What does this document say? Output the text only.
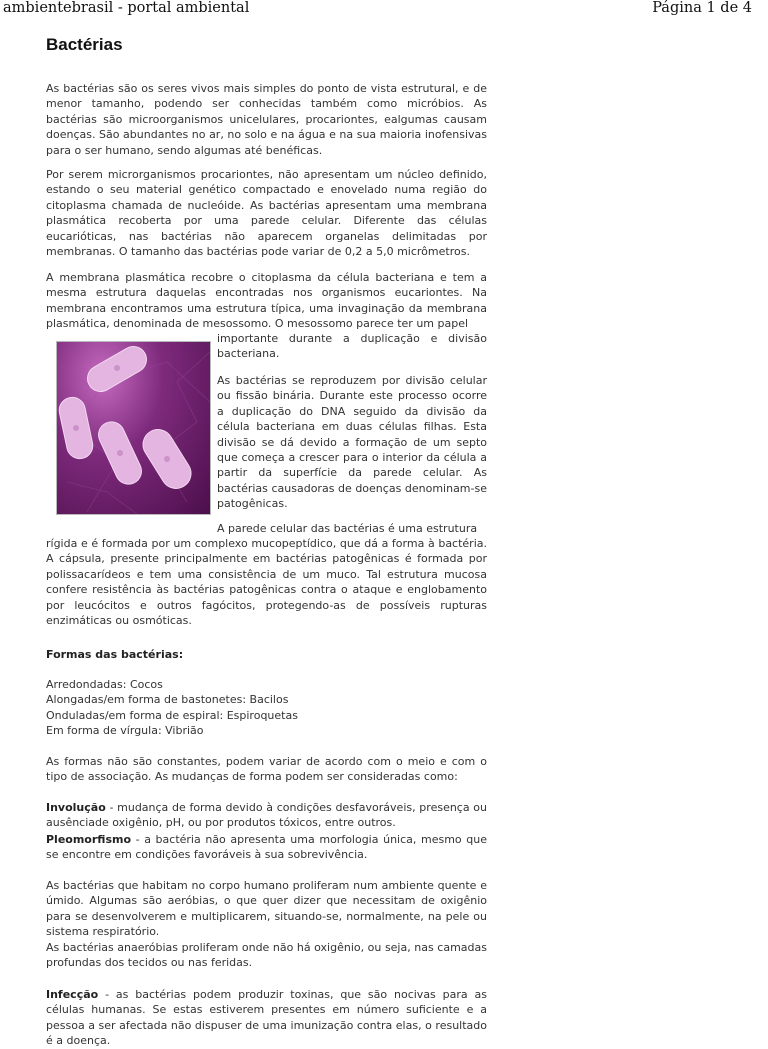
ambientebrasil - portal ambiental	Página 1 de 4
Bactérias

As bactérias são os seres vivos mais simples do ponto de vista estrutural, e de menor tamanho, podendo ser conhecidas também como micróbios. As bactérias são microorganismos unicelulares, procariontes, ealgumas causam doenças. São abundantes no ar, no solo e na água e na sua maioria inofensivas para o ser humano, sendo algumas até benéficas.

Por serem microrganismos procariontes, não apresentam um núcleo definido, estando o seu material genético compactado e enovelado numa região do citoplasma chamada de nucleóide. As bactérias apresentam uma membrana plasmática recoberta por uma parede celular. Diferente das células eucarióticas, nas bactérias não aparecem organelas delimitadas por membranas. O tamanho das bactérias pode variar de 0,2 a 5,0 micrômetros.

A membrana plasmática recobre o citoplasma da célula bacteriana e tem a mesma estrutura daquelas encontradas nos organismos eucariontes. Na membrana encontramos uma estrutura típica, uma invaginação da membrana plasmática, denominada de mesossomo. O mesossomo parece ter um papel

importante durante a duplicação e divisão bacteriana.

As bactérias se reproduzem por divisão celular ou fissão binária. Durante este processo ocorre a duplicação do DNA seguido da divisão da célula bacteriana em duas células filhas. Esta divisão se dá devido a formação de um septo que começa a crescer para o interior da célula a partir da superfície da parede celular. As bactérias causadoras de doenças denominam-se patogênicas.

A parede celular das bactérias é uma estrutura

rígida e é formada por um complexo mucopeptídico, que dá a forma à bactéria. A cápsula, presente principalmente em bactérias patogênicas é formada por polissacarídeos e tem uma consistência de um muco. Tal estrutura mucosa confere resistência às bactérias patogênicas contra o ataque e englobamento por leucócitos e outros fagócitos, protegendo-as de possíveis rupturas enzimáticas ou osmóticas.

Formas das bactérias:

Arredondadas: Cocos
Alongadas/em forma de bastonetes: Bacilos
Onduladas/em forma de espiral: Espiroquetas
Em forma de vírgula: Vibrião

As formas não são constantes, podem variar de acordo com o meio e com o tipo de associação. As mudanças de forma podem ser consideradas como:

Involução - mudança de forma devido à condições desfavoráveis, presença ou ausênciade oxigênio, pH, ou por produtos tóxicos, entre outros.

Pleomorfismo - a bactéria não apresenta uma morfologia única, mesmo que se encontre em condições favoráveis à sua sobrevivência.

As bactérias que habitam no corpo humano proliferam num ambiente quente e úmido. Algumas são aeróbias, o que quer dizer que necessitam de oxigênio para se desenvolverem e multiplicarem, situando-se, normalmente, na pele ou sistema respiratório.

As bactérias anaeróbias proliferam onde não há oxigênio, ou seja, nas camadas profundas dos tecidos ou nas feridas.

Infecção - as bactérias podem produzir toxinas, que são nocivas para as células humanas. Se estas estiverem presentes em número suficiente e a pessoa a ser afectada não dispuser de uma imunização contra elas, o resultado é a doença.
